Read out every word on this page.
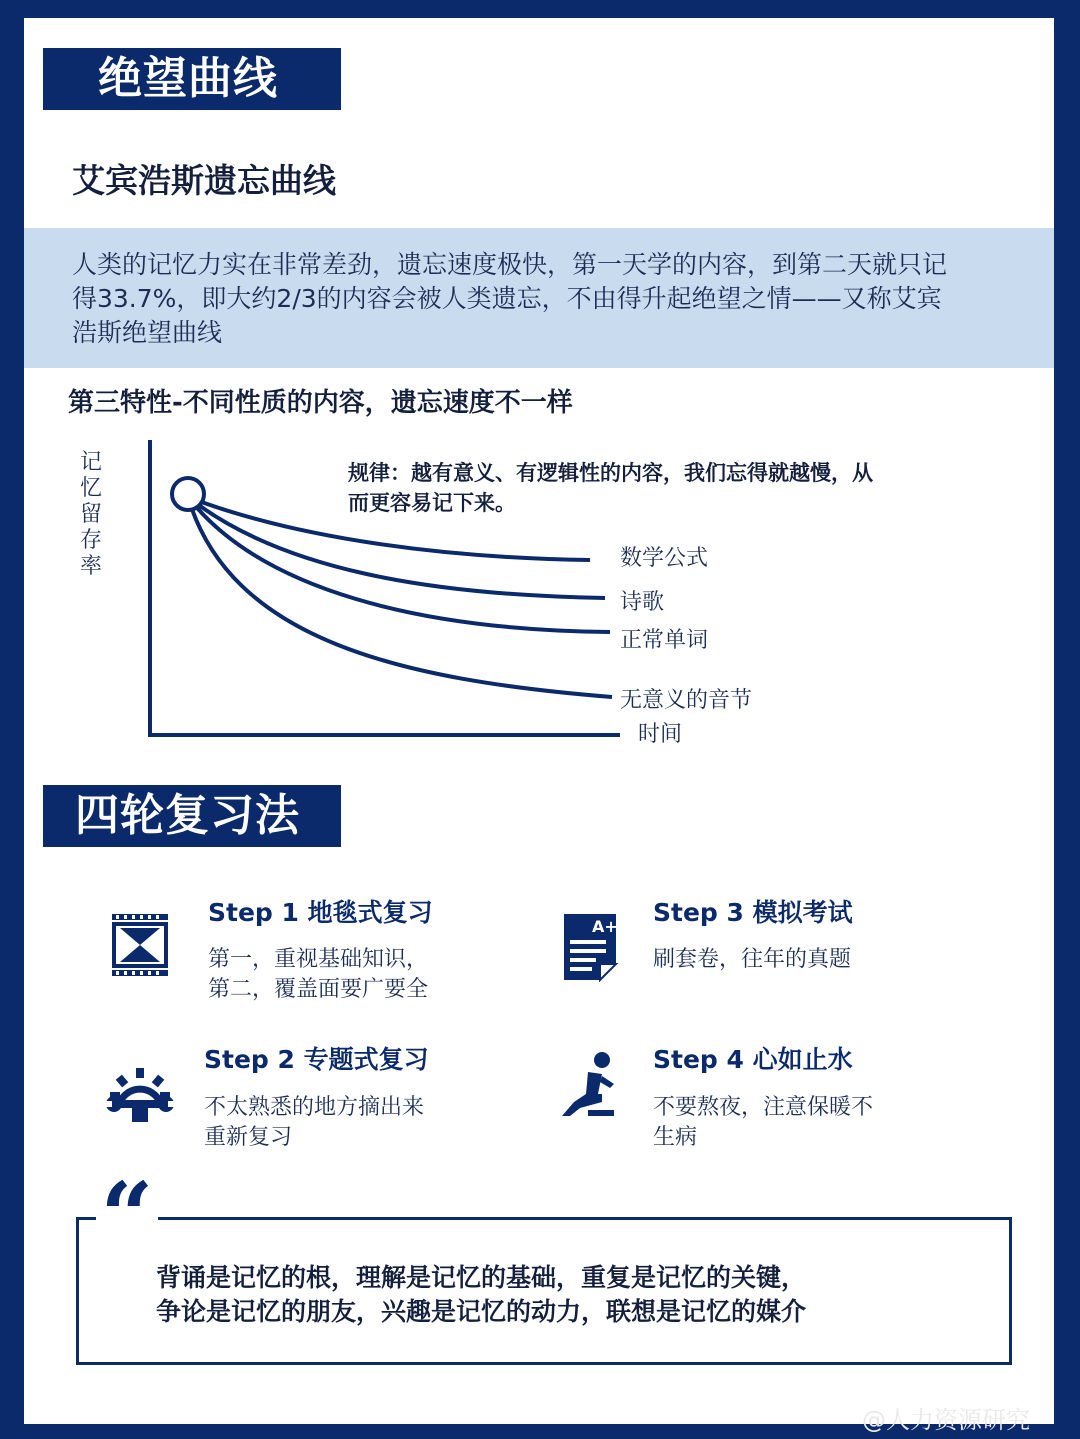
绝望曲线
艾宾浩斯遗忘曲线
人类的记忆力实在非常差劲，遗忘速度极快，第一天学的内容，到第二天就只记
得33.7%，即大约2/3的内容会被人类遗忘，不由得升起绝望之情——又称艾宾
浩斯绝望曲线
第三特性-不同性质的内容，遗忘速度不一样
记忆留存率
规律：越有意义、有逻辑性的内容，我们忘得就越慢，从
而更容易记下来。
数学公式
诗歌
正常单词
无意义的音节
时间
四轮复习法
Step 1 地毯式复习
第一，重视基础知识，
第二，覆盖面要广要全
A+ Step 3 模拟考试
刷套卷，往年的真题
Step 2 专题式复习
不太熟悉的地方摘出来
重新复习
Step 4 心如止水
不要熬夜，注意保暖不
生病
“
背诵是记忆的根，理解是记忆的基础，重复是记忆的关键，
争论是记忆的朋友，兴趣是记忆的动力，联想是记忆的媒介
@人力资源研究
